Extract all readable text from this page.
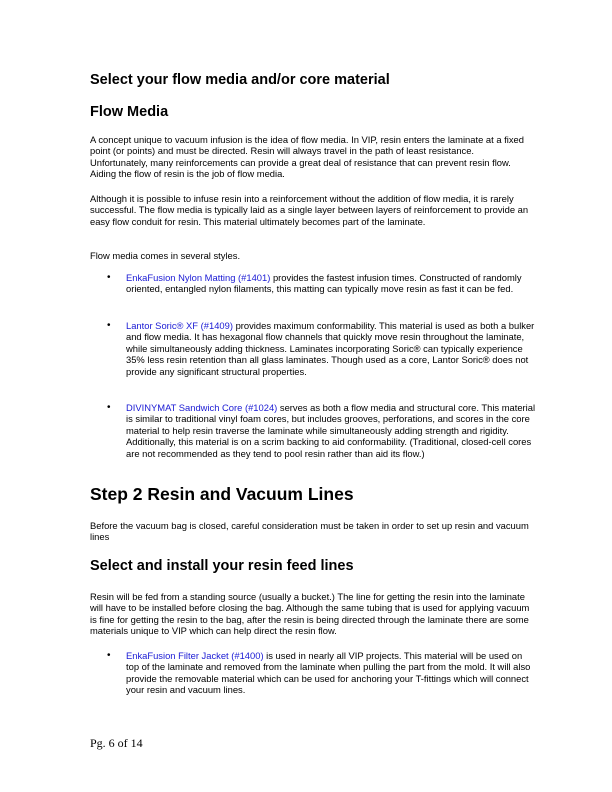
Select your flow media and/or core material
Flow Media

A concept unique to vacuum infusion is the idea of flow media. In VIP, resin enters the laminate at a fixed point (or points) and must be directed. Resin will always travel in the path of least resistance. Unfortunately, many reinforcements can provide a great deal of resistance that can prevent resin flow. Aiding the flow of resin is the job of flow media.

Although it is possible to infuse resin into a reinforcement without the addition of flow media, it is rarely successful. The flow media is typically laid as a single layer between layers of reinforcement to provide an easy flow conduit for resin. This material ultimately becomes part of the laminate.

Flow media comes in several styles.

• EnkaFusion Nylon Matting (#1401) provides the fastest infusion times. Constructed of randomly oriented, entangled nylon filaments, this matting can typically move resin as fast it can be fed.
• Lantor Soric® XF (#1409) provides maximum conformability. This material is used as both a bulker and flow media. It has hexagonal flow channels that quickly move resin throughout the laminate, while simultaneously adding thickness. Laminates incorporating Soric® can typically experience 35% less resin retention than all glass laminates. Though used as a core, Lantor Soric® does not provide any significant structural properties.
• DIVINYMAT Sandwich Core (#1024) serves as both a flow media and structural core. This material is similar to traditional vinyl foam cores, but includes grooves, perforations, and scores in the core material to help resin traverse the laminate while simultaneously adding strength and rigidity. Additionally, this material is on a scrim backing to aid conformability. (Traditional, closed-cell cores are not recommended as they tend to pool resin rather than aid its flow.)
Step 2 Resin and Vacuum Lines

Before the vacuum bag is closed, careful consideration must be taken in order to set up resin and vacuum lines

Select and install your resin feed lines

Resin will be fed from a standing source (usually a bucket.) The line for getting the resin into the laminate will have to be installed before closing the bag. Although the same tubing that is used for applying vacuum is fine for getting the resin to the bag, after the resin is being directed through the laminate there are some materials unique to VIP which can help direct the resin flow.

• EnkaFusion Filter Jacket (#1400) is used in nearly all VIP projects. This material will be used on top of the laminate and removed from the laminate when pulling the part from the mold. It will also provide the removable material which can be used for anchoring your T-fittings which will connect your resin and vacuum lines.
Pg. 6 of 14
